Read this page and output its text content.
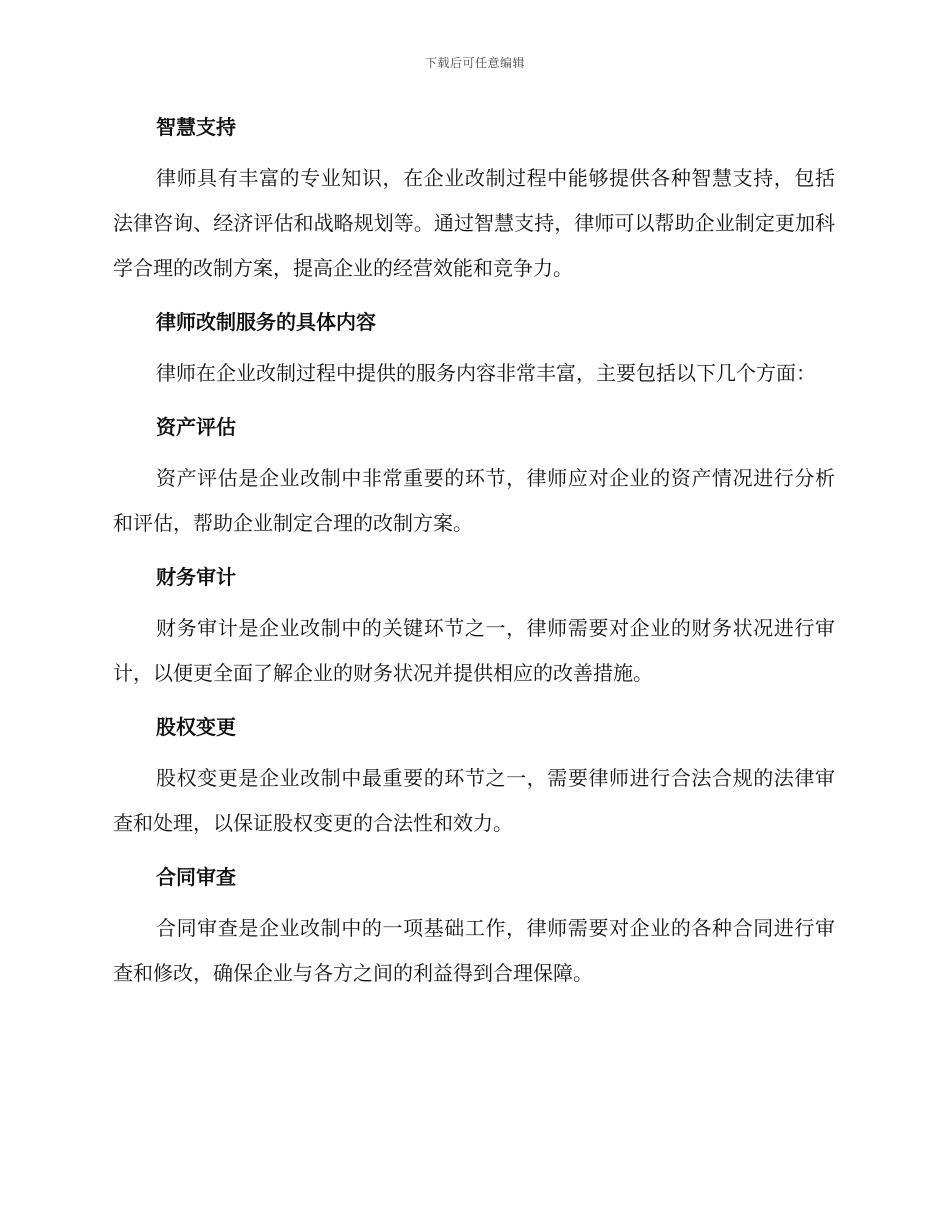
下载后可任意编辑
智慧支持

律师具有丰富的专业知识，在企业改制过程中能够提供各种智慧支持，包括法律咨询、经济评估和战略规划等。通过智慧支持，律师可以帮助企业制定更加科学合理的改制方案，提高企业的经营效能和竞争力。

律师改制服务的具体内容

律师在企业改制过程中提供的服务内容非常丰富，主要包括以下几个方面：

资产评估

资产评估是企业改制中非常重要的环节，律师应对企业的资产情况进行分析和评估，帮助企业制定合理的改制方案。

财务审计

财务审计是企业改制中的关键环节之一，律师需要对企业的财务状况进行审计，以便更全面了解企业的财务状况并提供相应的改善措施。

股权变更

股权变更是企业改制中最重要的环节之一，需要律师进行合法合规的法律审查和处理，以保证股权变更的合法性和效力。

合同审查

合同审查是企业改制中的一项基础工作，律师需要对企业的各种合同进行审查和修改，确保企业与各方之间的利益得到合理保障。
